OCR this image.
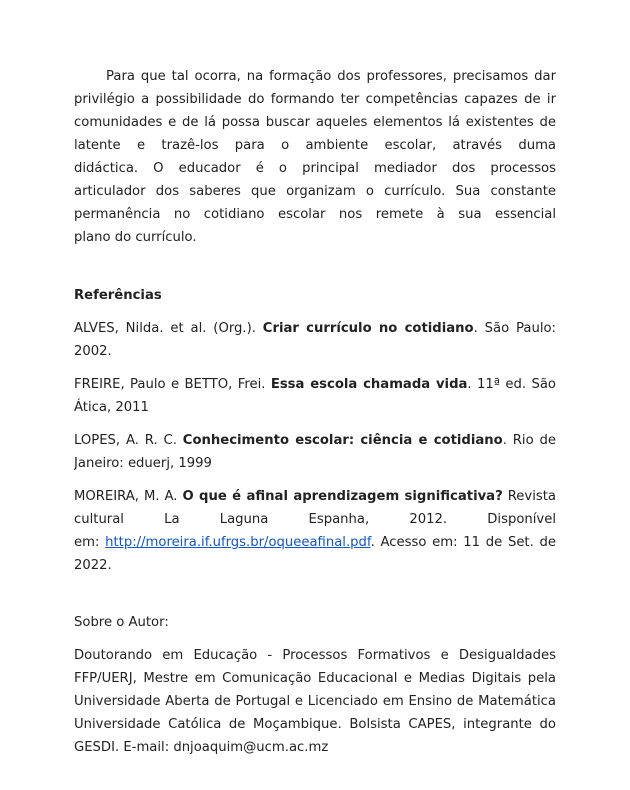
Para que tal ocorra, na formação dos professores, precisamos dar

privilégio a possibilidade do formando ter competências capazes de ir

comunidades e de lá possa buscar aqueles elementos lá existentes de

latente e trazê-los para o ambiente escolar, através duma

didáctica. O educador é o principal mediador dos processos

articulador dos saberes que organizam o currículo. Sua constante

permanência no cotidiano escolar nos remete à sua essencial

plano do currículo.

Referências

ALVES, Nilda. et al. (Org.). Criar currículo no cotidiano. São Paulo:

2002.

FREIRE, Paulo e BETTO, Frei. Essa escola chamada vida. 11ª ed. São

Ática, 2011

LOPES, A. R. C. Conhecimento escolar: ciência e cotidiano. Rio de

Janeiro: eduerj, 1999

MOREIRA, M. A. O que é afinal aprendizagem significativa? Revista

cultural La Laguna Espanha, 2012. Disponível

em: http://moreira.if.ufrgs.br/oqueeafinal.pdf. Acesso em: 11 de Set. de

2022.

Sobre o Autor:

Doutorando em Educação - Processos Formativos e Desigualdades

FFP/UERJ, Mestre em Comunicação Educacional e Medias Digitais pela

Universidade Aberta de Portugal e Licenciado em Ensino de Matemática

Universidade Católica de Moçambique. Bolsista CAPES, integrante do

GESDI. E-mail: dnjoaquim@ucm.ac.mz
